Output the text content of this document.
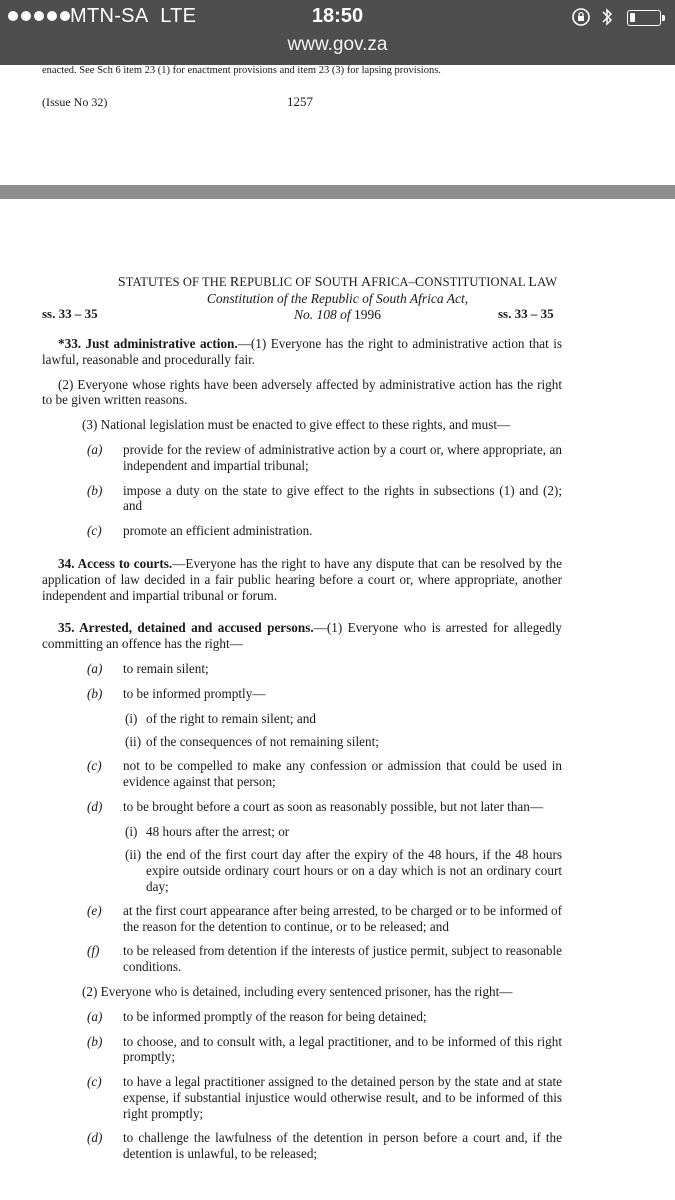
MTN-SA LTE	18:50
www.gov.za
enacted. See Sch 6 item 23 (1) for enactment provisions and item 23 (3) for lapsing provisions.
(Issue No 32)	1257
STATUTES OF THE REPUBLIC OF SOUTH AFRICA–CONSTITUTIONAL LAW
Constitution of the Republic of South Africa Act,
No. 108 of 1996
ss. 33 – 35	ss. 33 – 35
*33. Just administrative action.—(1) Everyone has the right to administrative action that is lawful, reasonable and procedurally fair.
(2) Everyone whose rights have been adversely affected by administrative action has the right to be given written reasons.
(3) National legislation must be enacted to give effect to these rights, and must—
(a) provide for the review of administrative action by a court or, where appropriate, an independent and impartial tribunal;
(b) impose a duty on the state to give effect to the rights in subsections (1) and (2); and
(c) promote an efficient administration.
34. Access to courts.—Everyone has the right to have any dispute that can be resolved by the application of law decided in a fair public hearing before a court or, where appropriate, another independent and impartial tribunal or forum.
35. Arrested, detained and accused persons.—(1) Everyone who is arrested for allegedly committing an offence has the right—
(a) to remain silent;
(b) to be informed promptly—
(i) of the right to remain silent; and
(ii) of the consequences of not remaining silent;
(c) not to be compelled to make any confession or admission that could be used in evidence against that person;
(d) to be brought before a court as soon as reasonably possible, but not later than—
(i) 48 hours after the arrest; or
(ii) the end of the first court day after the expiry of the 48 hours, if the 48 hours expire outside ordinary court hours or on a day which is not an ordinary court day;
(e) at the first court appearance after being arrested, to be charged or to be informed of the reason for the detention to continue, or to be released; and
(f) to be released from detention if the interests of justice permit, subject to reasonable conditions.
(2) Everyone who is detained, including every sentenced prisoner, has the right—
(a) to be informed promptly of the reason for being detained;
(b) to choose, and to consult with, a legal practitioner, and to be informed of this right promptly;
(c) to have a legal practitioner assigned to the detained person by the state and at state expense, if substantial injustice would otherwise result, and to be informed of this right promptly;
(d) to challenge the lawfulness of the detention in person before a court and, if the detention is unlawful, to be released;
